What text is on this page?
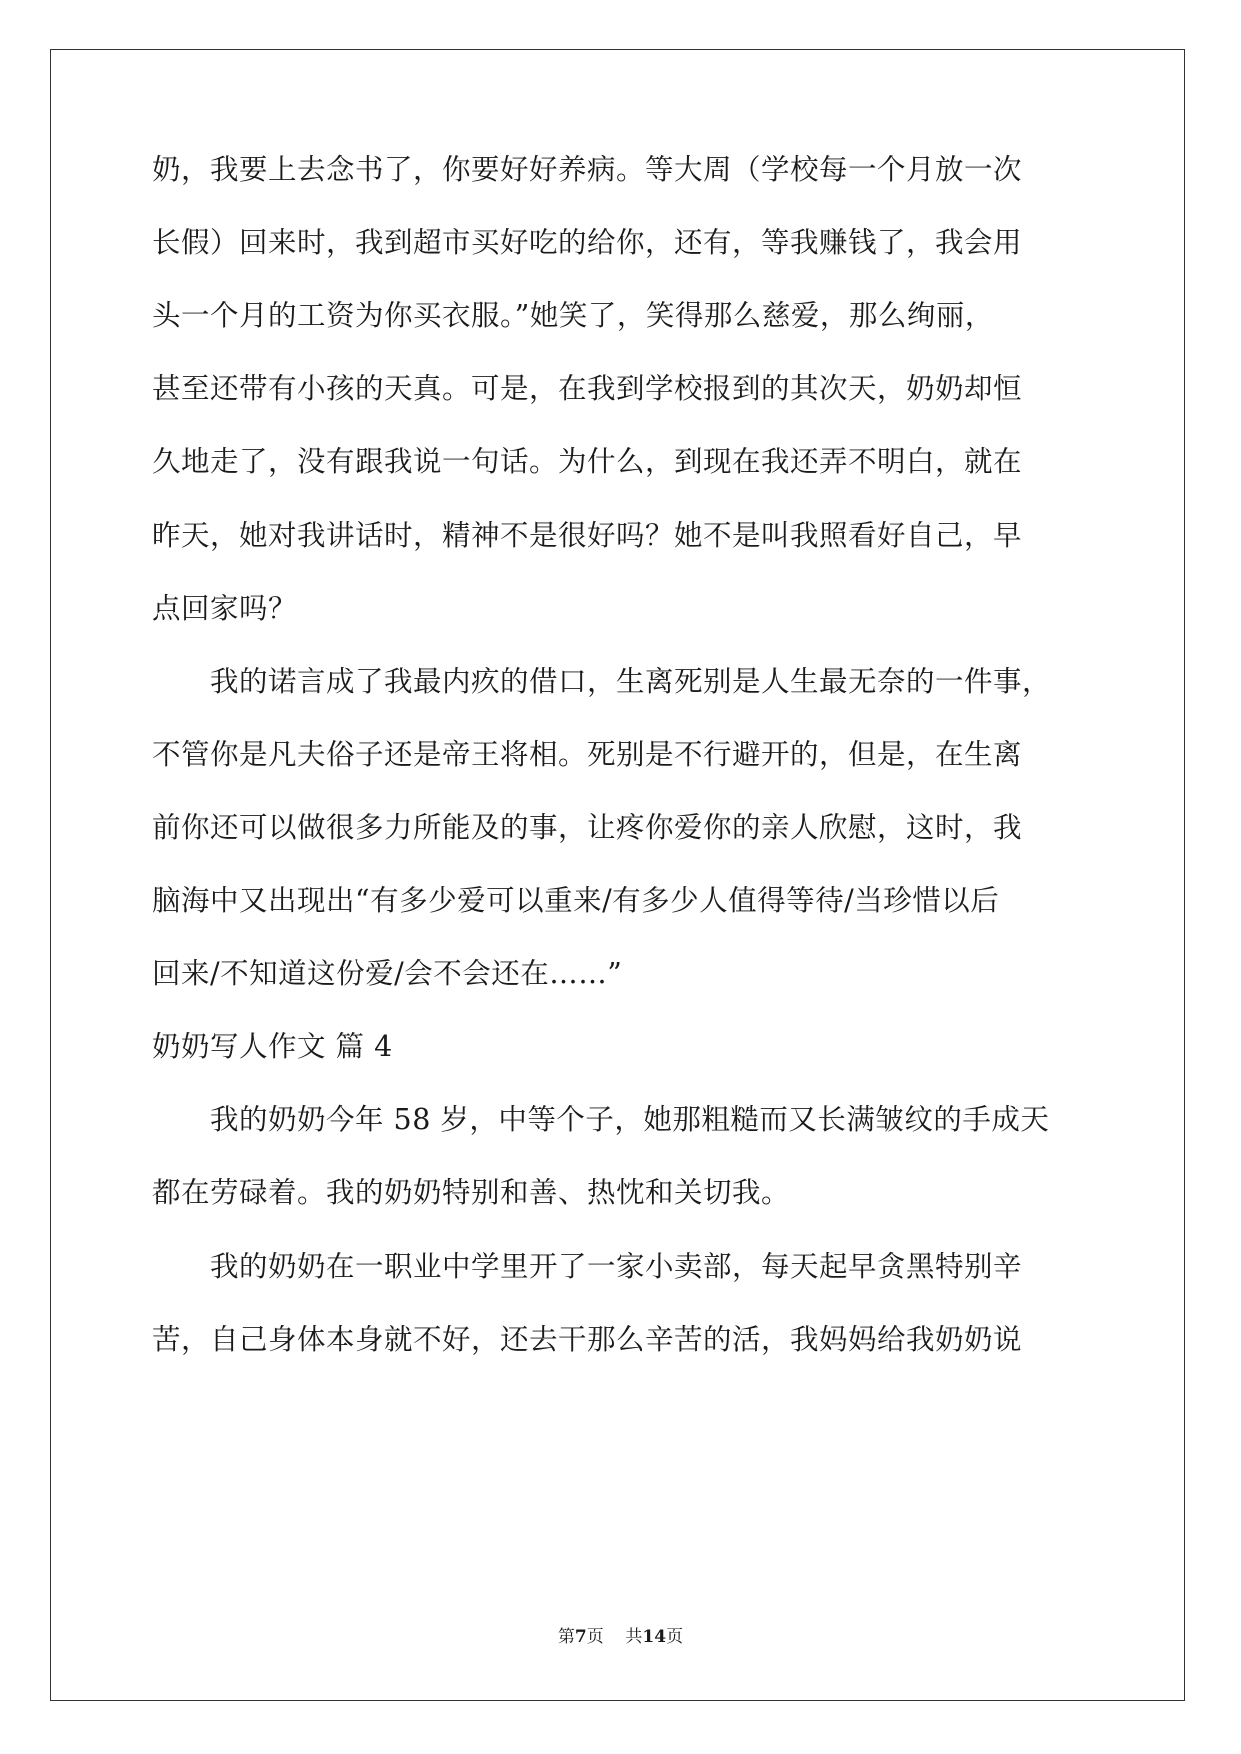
奶，我要上去念书了，你要好好养病。等大周（学校每一个月放一次
长假）回来时，我到超市买好吃的给你，还有，等我赚钱了，我会用
头一个月的工资为你买衣服。”她笑了，笑得那么慈爱，那么绚丽，
甚至还带有小孩的天真。可是，在我到学校报到的其次天，奶奶却恒
久地走了，没有跟我说一句话。为什么，到现在我还弄不明白，就在
昨天，她对我讲话时，精神不是很好吗？她不是叫我照看好自己，早
点回家吗？
　　我的诺言成了我最内疚的借口，生离死别是人生最无奈的一件事，
不管你是凡夫俗子还是帝王将相。死别是不行避开的，但是，在生离
前你还可以做很多力所能及的事，让疼你爱你的亲人欣慰，这时，我
脑海中又出现出“有多少爱可以重来/有多少人值得等待/当珍惜以后
回来/不知道这份爱/会不会还在……”
奶奶写人作文 篇 4
　　我的奶奶今年 58 岁，中等个子，她那粗糙而又长满皱纹的手成天
都在劳碌着。我的奶奶特别和善、热忱和关切我。
　　我的奶奶在一职业中学里开了一家小卖部，每天起早贪黑特别辛
苦，自己身体本身就不好，还去干那么辛苦的活，我妈妈给我奶奶说
第7页    共14页
